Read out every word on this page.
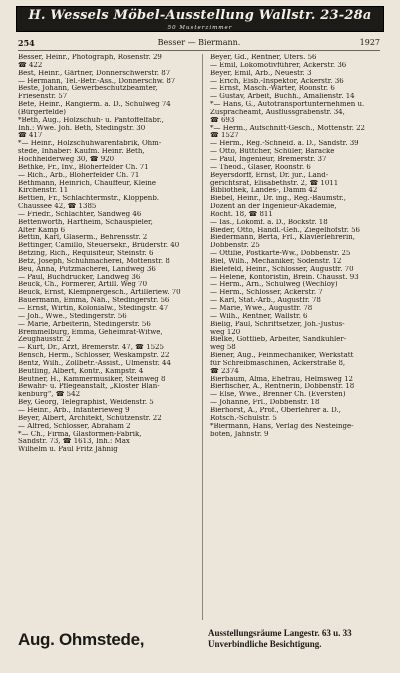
H. Wessels Möbel-Ausstellung Wallstr. 23-28a
50 Musterzimmer
254	Besser — Biermann.	1927
Besser, Heinr., Photograph, Rosenstr. 29
☎ 422
Best, Heinr., Gärtner, Donnerschwerstr. 87
— Hermann, Tel.-Betr.-Ass., Donnerschw. 87
Beste, Johann, Gewerbeschutzbeamter,
Friesenstr. 57
Bete, Heinr., Rangierm. a. D., Schulweg 74
(Bürgerfelde)
*Beth, Aug., Holzschuh- u. Pantoffelfabr.,
Inh.: Wwe. Joh. Beth, Stedingstr. 30
☎ 417
*— Heinr., Holzschuhwarenfabrik, Ohm-
stede, Inhaber: Kaufm. Heinr. Beth,
Hochheiderweg 30, ☎ 920
Bethke, Fr., Inv., Bloherfelder Ch. 71
— Rich., Arb., Bloherfelder Ch. 71
Bethmann, Heinrich, Chauffeur, Kleine
Kirchenstr. 11
Bettien, Fr., Schlachtermstr., Kloppenb.
Chaussee 42, ☎ 1385
— Friedr., Schlachter, Sandweg 46
Bettenworth, Hartheim, Schauspieler,
Alter Kamp 6
Bettin, Karl, Glaserm., Behrensstr. 2
Bettinger, Camillo, Steuersekr., Brüderstr. 40
Betzing, Rich., Requisiteur, Steinstr. 6
Betz, Joseph, Schuhmacherei, Mottenstr. 8
Beu, Anna, Putzmacherei, Landweg 36
— Paul, Buchdrucker, Landweg 36
Beuck, Ch., Formerer, Artill. Weg 70
Beuck, Ernst, Klempnergesch., Artilleriew. 70
Bauermann, Emma, Näh., Stedingerstr. 56
— Ernst, Wirtin, Kolonialw., Stedingstr. 47
— Joh., Wwe., Stedingerstr. 56
— Marie, Arbeiterin, Stedingerstr. 56
Bremmelburg, Emma, Geheimrat-Witwe,
Zeughausstr. 2
— Kurt, Dr., Arzt, Bremerstr. 47, ☎ 1525
Bensch, Herm., Schlosser, Weskampstr. 22
Bentz, Wilh., Zollbetr.-Assist., Ulmenstr. 44
Beutling, Albert, Kontr., Kampstr. 4
Beutner, H., Kammermusiker, Steinweg 8
Bewahr- u. Pflegeanstalt, „Kloster Blan-
kenburg“, ☎ 542
Bey, Georg, Telegraphist, Weidenstr. 5
— Heinr., Arb., Infanterieweg 9
Beyer, Albert, Architekt, Schützenstr. 22
— Alfred, Schlosser, Abraham 2
*— Ch., Firma, Glasformen-Fabrik,
Sandstr. 73, ☎ 1613, Inh.: Max
Wilhelm u. Paul Fritz Jähnig
Beyer, Gd., Rentner, Ufers. 56
— Emil, Lokomotivführer, Ackerstr. 36
Beyer, Emil, Arb., Neuestr. 3
— Erich, Eisb.-Inspektor, Ackerstr. 36
— Ernst, Masch.-Wärter, Roonstr. 6
— Gustav, Arbeit, Buchh., Amalienstr. 14
*— Hans, G., Autotransportunternehmen u.
Zuspracheamt, Ausflussgrabenstr. 34,
☎ 693
*— Herm., Aufschnitt-Gesch., Mottenstr. 22
☎ 1527
— Herm., Reg.-Schneid. a. D., Sandstr. 39
— Otto, Büttcher, Schüler, Baracke
— Paul, Ingenieur, Bremerstr. 37
— Theod., Glaser, Roonstr. 6
Beyersdorff, Ernst, Dr. jur., Land-
gerichtsrat, Elisabethstr. 2, ☎ 1011
Bibliothek, Landes-, Damm 42
Biebel, Heinr., Dr. ing., Reg.-Baumstr.,
Dozent an der Ingenieur-Akademie,
Rocht. 18, ☎ 811
— Ias., Lokomf. a. D., Bockstr. 18
Bieder, Otto, Handl.-Geh., Ziegelhofstr. 56
Biedermann, Berta, Frl., Klavierlehrerin,
Dobbenstr. 25
— Ottilie, Postkarte-Ww., Dobbenstr. 25
Biel, Wilh., Mechaniker, Sodenstr. 12
Bielefeld, Heinr., Schlosser, Augustfr. 70
— Helene, Kontoristin, Brein. Chausst. 93
— Herm., Arn., Schulweg (Wechloy)
— Herm., Schlosser, Ackerstr. 7
— Karl, Stat.-Arb., Augustfr. 78
— Marie, Wwe., Augustfr. 78
— Wilh., Rentner, Wallstr. 6
Bielig, Paul, Schriftsetzer, Joh.-Justus-
weg 120
Bielke, Gottlieb, Arbeiter, Sandkuhler-
weg 58
Biener, Aug., Feinmechaniker, Werkstatt
für Schreibmaschinen, Ackerstraße 8,
☎ 2374
Bierbaum, Alma, Ehefrau, Helmsweg 12
Bierfischer, A., Rentnerin, Dobbenstr. 18
— Else, Wwe., Brenner Ch. (Eversten)
— Johanne, Frl., Dobbenstr. 18
Bierhorst, A., Prof., Oberlehrer a. D.,
Rotsch.-Schulstr. 5
*Biermann, Hans, Verlag des Nesteinge-
boten, Jahnstr. 9
Aug. Ohmstede,	Ausstellungsräume Langestr. 63 u. 33
Unverbindliche Besichtigung.
